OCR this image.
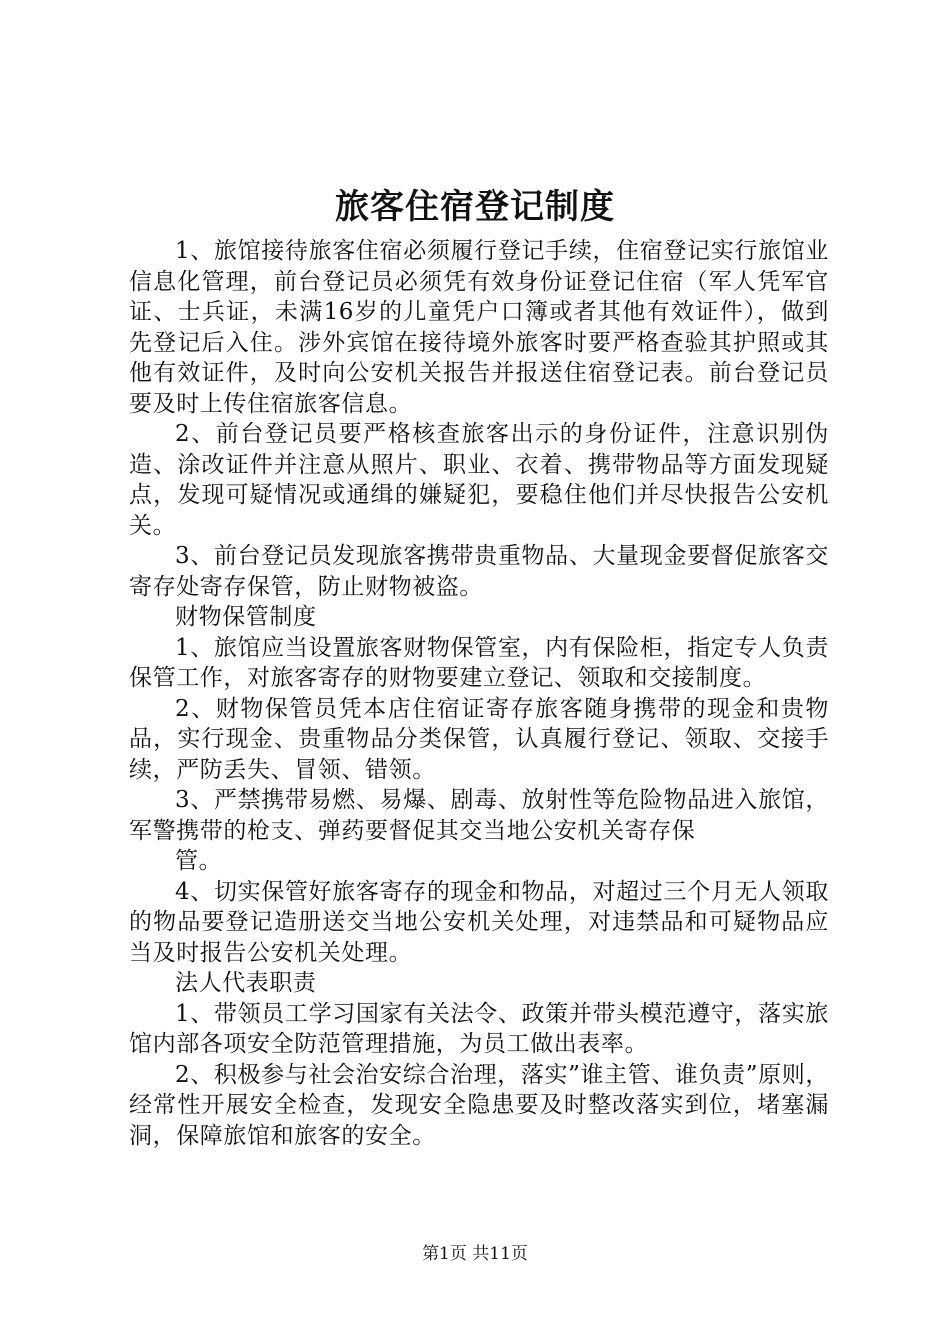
旅客住宿登记制度

1、旅馆接待旅客住宿必须履行登记手续，住宿登记实行旅馆业信息化管理，前台登记员必须凭有效身份证登记住宿（军人凭军官证、士兵证，未满16岁的儿童凭户口簿或者其他有效证件），做到先登记后入住。涉外宾馆在接待境外旅客时要严格查验其护照或其他有效证件，及时向公安机关报告并报送住宿登记表。前台登记员要及时上传住宿旅客信息。

2、前台登记员要严格核查旅客出示的身份证件，注意识别伪造、涂改证件并注意从照片、职业、衣着、携带物品等方面发现疑点，发现可疑情况或通缉的嫌疑犯，要稳住他们并尽快报告公安机关。

3、前台登记员发现旅客携带贵重物品、大量现金要督促旅客交寄存处寄存保管，防止财物被盗。

财物保管制度

1、旅馆应当设置旅客财物保管室，内有保险柜，指定专人负责保管工作，对旅客寄存的财物要建立登记、领取和交接制度。

2、财物保管员凭本店住宿证寄存旅客随身携带的现金和贵物品，实行现金、贵重物品分类保管，认真履行登记、领取、交接手续，严防丢失、冒领、错领。

3、严禁携带易燃、易爆、剧毒、放射性等危险物品进入旅馆，军警携带的枪支、弹药要督促其交当地公安机关寄存保

管。

4、切实保管好旅客寄存的现金和物品，对超过三个月无人领取的物品要登记造册送交当地公安机关处理，对违禁品和可疑物品应当及时报告公安机关处理。

法人代表职责

1、带领员工学习国家有关法令、政策并带头模范遵守，落实旅馆内部各项安全防范管理措施，为员工做出表率。

2、积极参与社会治安综合治理，落实”谁主管、谁负责”原则，经常性开展安全检查，发现安全隐患要及时整改落实到位，堵塞漏洞，保障旅馆和旅客的安全。

第1页 共11页
